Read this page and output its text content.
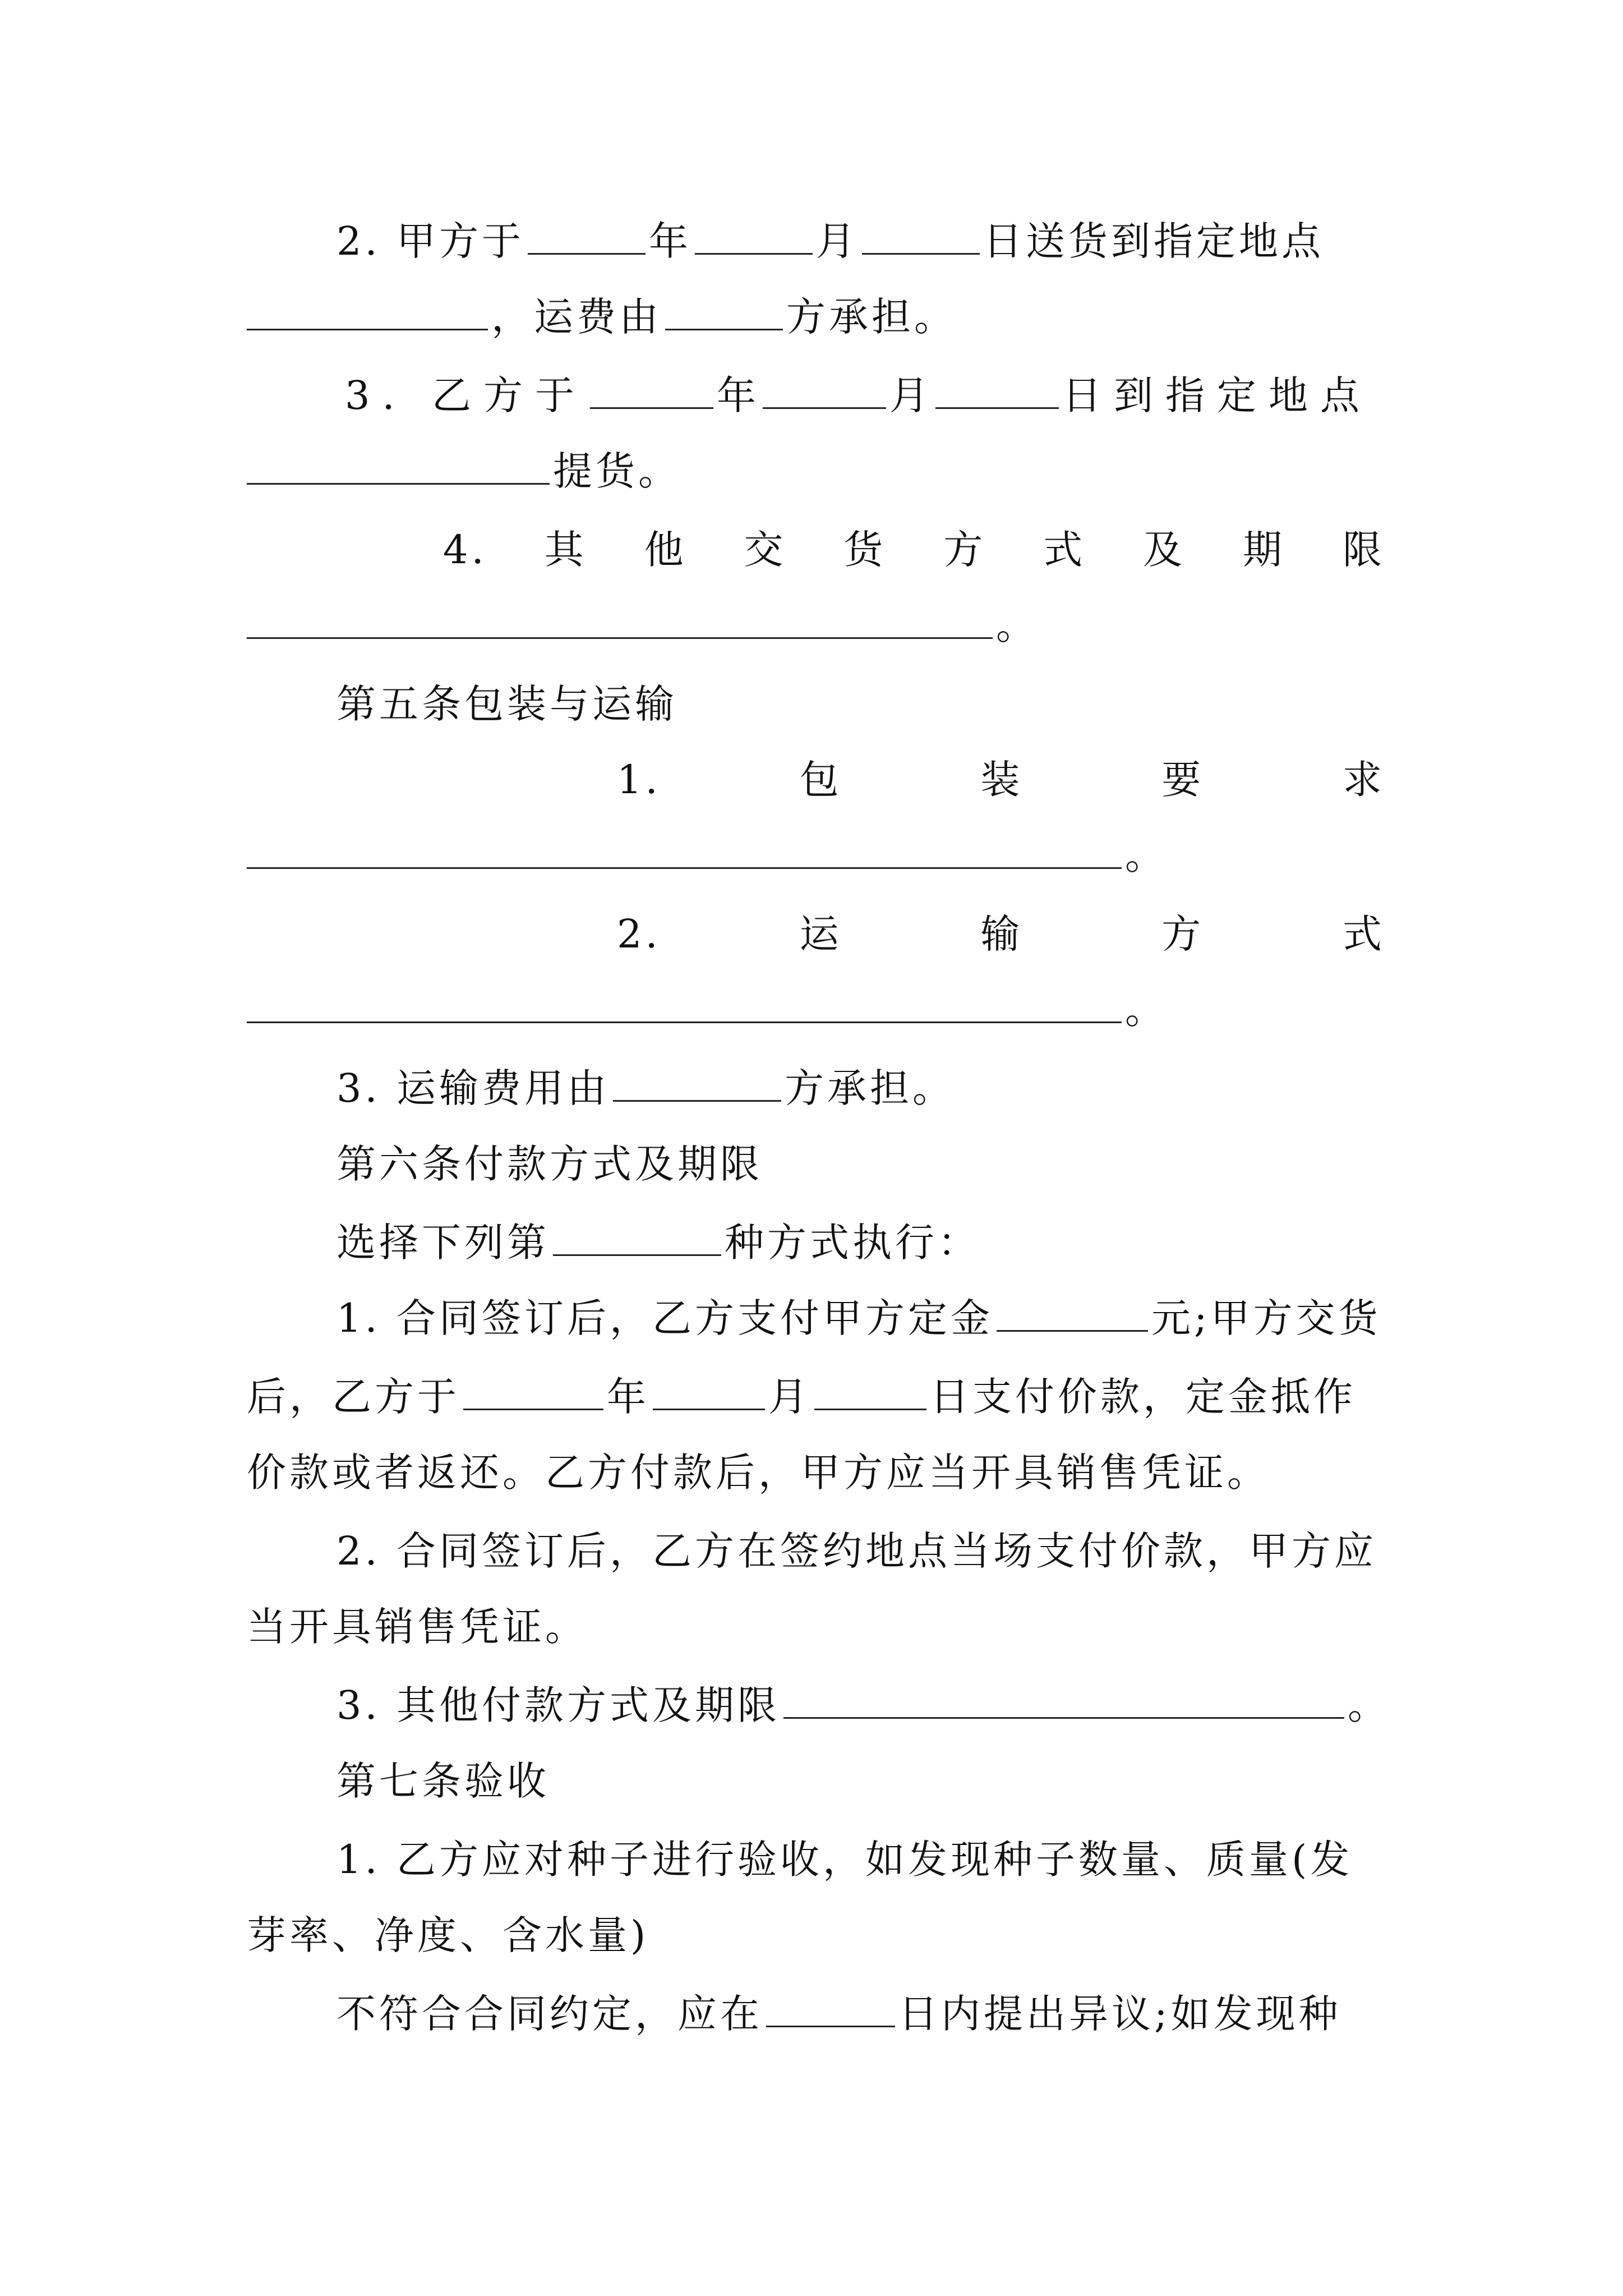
2. 甲方于	年	月	日送货到指定地点
，运费由	方承担。
3. 乙方于	年	月	日到指定地点
提货。
4. 其 他 交 货 方 式 及 期 限
。
第五条包装与运输
1.	包	装	要	求
。
2.	运	输	方	式
。
3. 运输费用由	方承担。
第六条付款方式及期限
选择下列第	种方式执行：
1. 合同签订后，乙方支付甲方定金	元;甲方交货
后，乙方于	年	月	日支付价款，定金抵作
价款或者返还。乙方付款后，甲方应当开具销售凭证。
2. 合同签订后，乙方在签约地点当场支付价款，甲方应
当开具销售凭证。
3. 其他付款方式及期限	。
第七条验收
1. 乙方应对种子进行验收，如发现种子数量、质量(发
芽率、净度、含水量)
不符合合同约定，应在	日内提出异议;如发现种
